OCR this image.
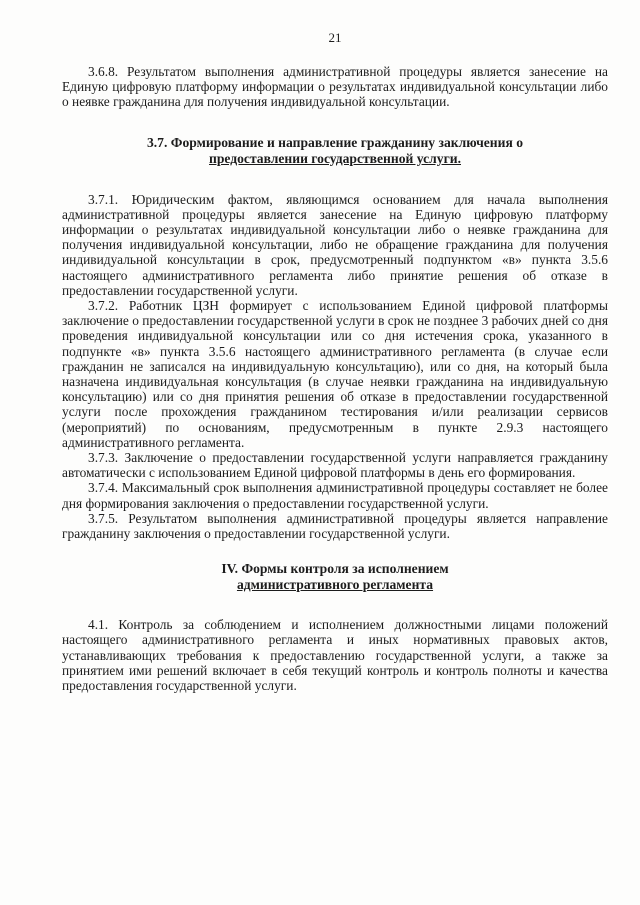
21

3.6.8. Результатом выполнения административной процедуры является занесение на Единую цифровую платформу информации о результатах индивидуальной консультации либо о неявке гражданина для получения индивидуальной консультации.

3.7. Формирование и направление гражданину заключения о
предоставлении государственной услуги.

3.7.1. Юридическим фактом, являющимся основанием для начала выполнения административной процедуры является занесение на Единую цифровую платформу информации о результатах индивидуальной консультации либо о неявке гражданина для получения индивидуальной консультации, либо не обращение гражданина для получения индивидуальной консультации в срок, предусмотренный подпунктом «в» пункта 3.5.6 настоящего административного регламента либо принятие решения об отказе в предоставлении государственной услуги.

3.7.2. Работник ЦЗН формирует с использованием Единой цифровой платформы заключение о предоставлении государственной услуги в срок не позднее 3 рабочих дней со дня проведения индивидуальной консультации или со дня истечения срока, указанного в подпункте «в» пункта 3.5.6 настоящего административного регламента (в случае если гражданин не записался на индивидуальную консультацию), или со дня, на который была назначена индивидуальная консультация (в случае неявки гражданина на индивидуальную консультацию) или со дня принятия решения об отказе в предоставлении государственной услуги после прохождения гражданином тестирования и/или реализации сервисов (мероприятий) по основаниям, предусмотренным в пункте 2.9.3 настоящего административного регламента.

3.7.3. Заключение о предоставлении государственной услуги направляется гражданину автоматически с использованием Единой цифровой платформы в день его формирования.

3.7.4. Максимальный срок выполнения административной процедуры составляет не более дня формирования заключения о предоставлении государственной услуги.

3.7.5. Результатом выполнения административной процедуры является направление гражданину заключения о предоставлении государственной услуги.

IV. Формы контроля за исполнением
административного регламента

4.1. Контроль за соблюдением и исполнением должностными лицами положений настоящего административного регламента и иных нормативных правовых актов, устанавливающих требования к предоставлению государственной услуги, а также за принятием ими решений включает в себя текущий контроль и контроль полноты и качества предоставления государственной услуги.
